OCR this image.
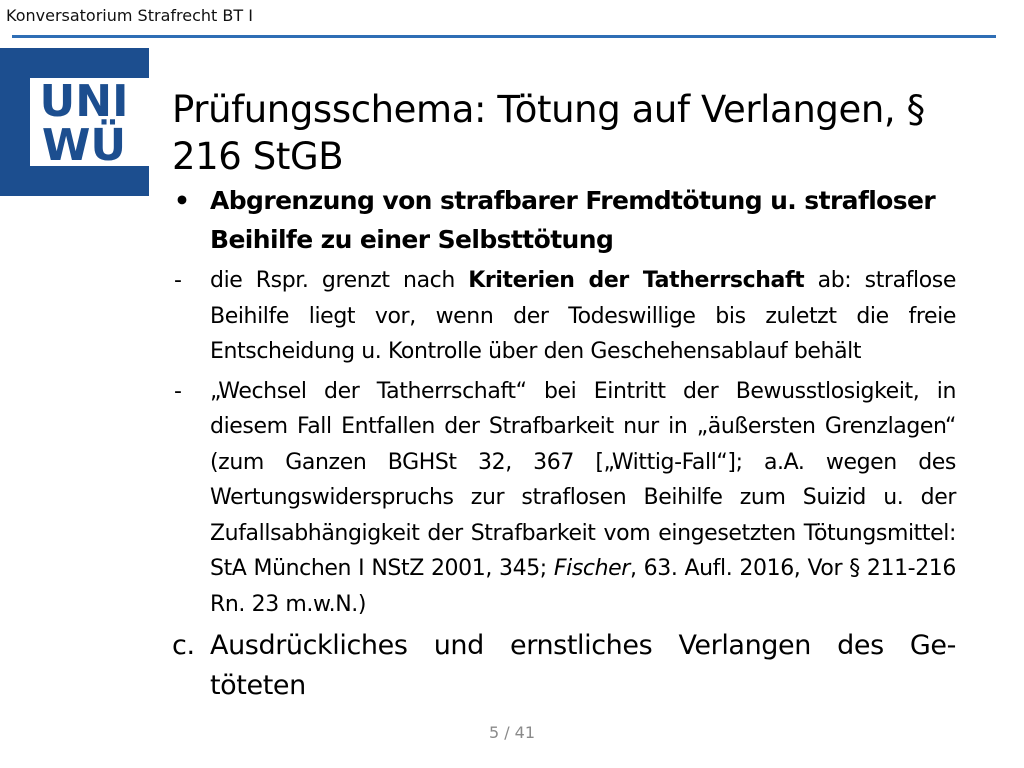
Konversatorium Strafrecht BT I
UNI
WÜ
Prüfungsschema: Tötung auf Verlangen, § 216 StGB
• Abgrenzung von strafbarer Fremdtötung u. strafloser Beihilfe zu einer Selbsttötung
- die Rspr. grenzt nach Kriterien der Tatherrschaft ab: straflose Beihilfe liegt vor, wenn der Todeswillige bis zuletzt die freie Entscheidung u. Kontrolle über den Geschehensablauf behält
- „Wechsel der Tatherrschaft“ bei Eintritt der Bewusstlosigkeit, in diesem Fall Entfallen der Strafbarkeit nur in „äußersten Grenzlagen“ (zum Ganzen BGHSt 32, 367 [„Wittig-Fall“]; a.A. wegen des Wertungswiderspruchs zur straflosen Beihilfe zum Suizid u. der Zufallsabhängigkeit der Strafbarkeit vom eingesetzten Tötungsmittel: StA München I NStZ 2001, 345; Fischer, 63. Aufl. 2016, Vor § 211-216 Rn. 23 m.w.N.)
c. Ausdrückliches und ernstliches Verlangen des Ge- töteten
5 / 41
